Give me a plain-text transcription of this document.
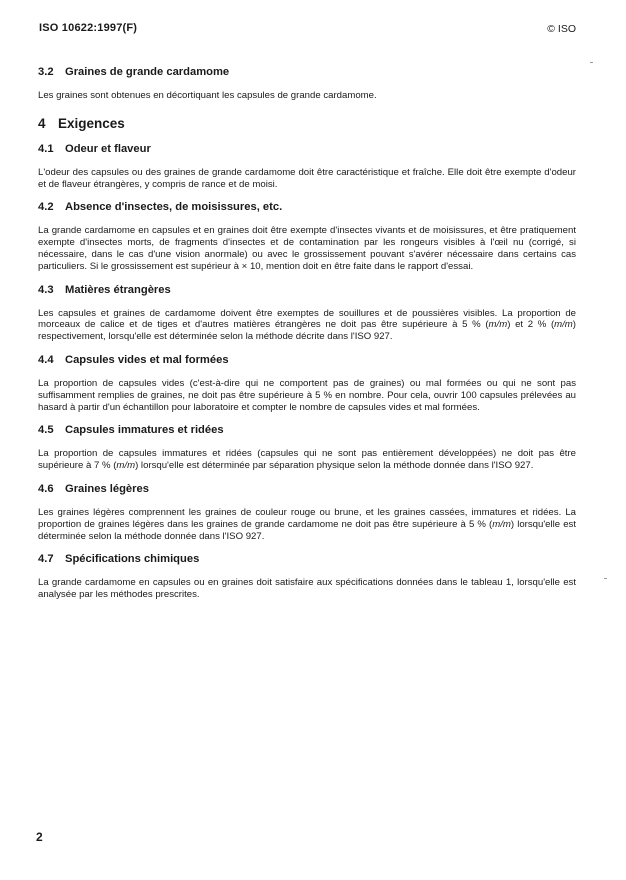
ISO 10622:1997(F)	© ISO
3.2 Graines de grande cardamome

Les graines sont obtenues en décortiquant les capsules de grande cardamome.

4 Exigences
4.1 Odeur et flaveur

L'odeur des capsules ou des graines de grande cardamome doit être caractéristique et fraîche. Elle doit être exempte d'odeur et de flaveur étrangères, y compris de rance et de moisi.

4.2 Absence d'insectes, de moisissures, etc.

La grande cardamome en capsules et en graines doit être exempte d'insectes vivants et de moisissures, et être pratiquement exempte d'insectes morts, de fragments d'insectes et de contamination par les rongeurs visibles à l'œil nu (corrigé, si nécessaire, dans le cas d'une vision anormale) ou avec le grossissement pouvant s'avérer nécessaire dans certains cas particuliers. Si le grossissement est supérieur à × 10, mention doit en être faite dans le rapport d'essai.

4.3 Matières étrangères

Les capsules et graines de cardamome doivent être exemptes de souillures et de poussières visibles. La proportion de morceaux de calice et de tiges et d'autres matières étrangères ne doit pas être supérieure à 5 % (m/m) et 2 % (m/m) respectivement, lorsqu'elle est déterminée selon la méthode décrite dans l'ISO 927.

4.4 Capsules vides et mal formées

La proportion de capsules vides (c'est-à-dire qui ne comportent pas de graines) ou mal formées ou qui ne sont pas suffisamment remplies de graines, ne doit pas être supérieure à 5 % en nombre. Pour cela, ouvrir 100 capsules prélevées au hasard à partir d'un échantillon pour laboratoire et compter le nombre de capsules vides et mal formées.

4.5 Capsules immatures et ridées

La proportion de capsules immatures et ridées (capsules qui ne sont pas entièrement développées) ne doit pas être supérieure à 7 % (m/m) lorsqu'elle est déterminée par séparation physique selon la méthode donnée dans l'ISO 927.

4.6 Graines légères

Les graines légères comprennent les graines de couleur rouge ou brune, et les graines cassées, immatures et ridées. La proportion de graines légères dans les graines de grande cardamome ne doit pas être supérieure à 5 % (m/m) lorsqu'elle est déterminée selon la méthode donnée dans l'ISO 927.

4.7 Spécifications chimiques

La grande cardamome en capsules ou en graines doit satisfaire aux spécifications données dans le tableau 1, lorsqu'elle est analysée par les méthodes prescrites.

2
